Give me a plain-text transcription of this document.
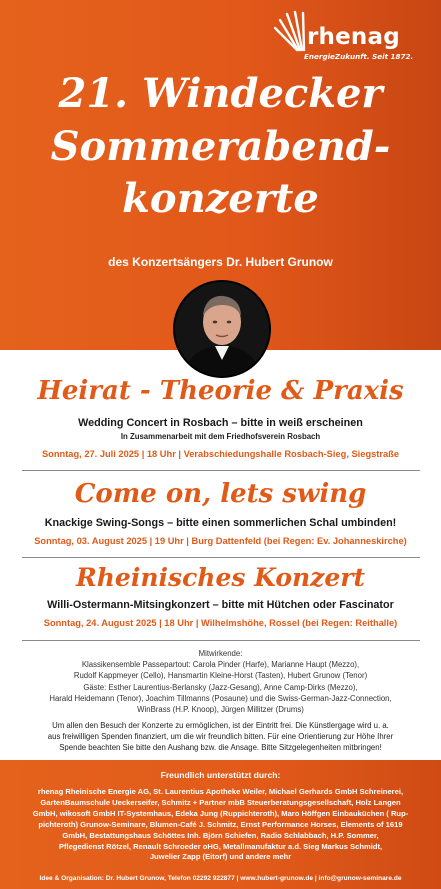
rhenag
EnergieZukunft. Seit 1872.
21. Windecker
Sommerabend-
konzerte
des Konzertsängers Dr. Hubert Grunow
Heirat - Theorie & Praxis
Wedding Concert in Rosbach – bitte in weiß erscheinen
In Zusammenarbeit mit dem Friedhofsverein Rosbach
Sonntag, 27. Juli 2025 | 18 Uhr | Verabschiedungshalle Rosbach-Sieg, Siegstraße
Come on, lets swing
Knackige Swing-Songs – bitte einen sommerlichen Schal umbinden!
Sonntag, 03. August 2025 | 19 Uhr | Burg Dattenfeld (bei Regen: Ev. Johanneskirche)
Rheinisches Konzert
Willi-Ostermann-Mitsingkonzert – bitte mit Hütchen oder Fascinator
Sonntag, 24. August 2025 | 18 Uhr | Wilhelmshöhe, Rossel (bei Regen: Reithalle)
Mitwirkende:
Klassikensemble Passepartout: Carola Pinder (Harfe), Marianne Haupt (Mezzo),
Rudolf Kappmeyer (Cello), Hansmartin Kleine-Horst (Tasten), Hubert Grunow (Tenor)
Gäste: Esther Laurentius-Berlansky (Jazz-Gesang), Anne Camp-Dirks (Mezzo),
Harald Heidemann (Tenor), Joachim Tillmanns (Posaune) und die Swiss-German-Jazz-Connection,
WinBrass (H.P. Knoop), Jürgen Millitzer (Drums)
Um allen den Besuch der Konzerte zu ermöglichen, ist der Eintritt frei. Die Künstlergage wird u. a.
aus freiwilligen Spenden finanziert, um die wir freundlich bitten. Für eine Orientierung zur Höhe Ihrer
Spende beachten Sie bitte den Aushang bzw. die Ansage. Bitte Sitzgelegenheiten mitbringen!
Freundlich unterstützt durch:
rhenag Rheinische Energie AG, St. Laurentius Apotheke Weiler, Michael Gerhards GmbH Schreinerei,
GartenBaumschule Ueckerseifer, Schmitz + Partner mbB Steuerberatungsgesellschaft, Holz Langen
GmbH, wikosoft GmbH IT-Systemhaus, Edeka Jung (Ruppichteroth), Maro Höffgen Einbauküchen ( Rup-
pichteroth) Grunow-Seminare, Blumen-Café J. Schmitz, Ernst Performance Horses, Elements of 1619
GmbH, Bestattungshaus Schöttes Inh. Björn Schiefen, Radio Schlabbach, H.P. Sommer,
Pflegedienst Rötzel, Renault Schroeder oHG, Metallmanufaktur a.d. Sieg Markus Schmidt,
Juwelier Zapp (Eitorf) und andere mehr
Idee & Organisation: Dr. Hubert Grunow, Telefon 02292 922877 | www.hubert-grunow.de | info@grunow-seminare.de
